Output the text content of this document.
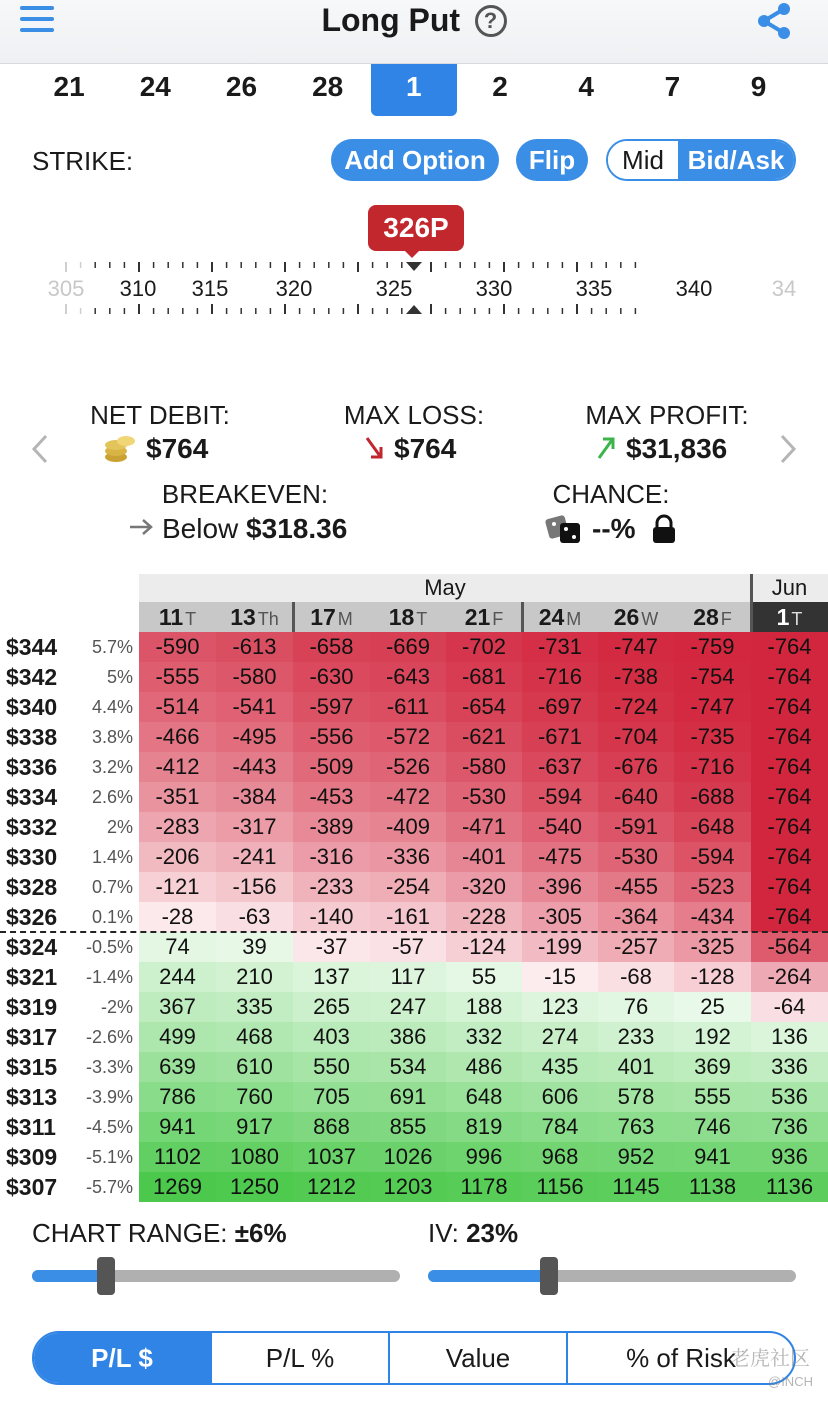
Long Put ?
21	24	26	28	1	2	4	7	9
STRIKE:	Add Option	Flip	Mid Bid/Ask
326P
305 310 315 320	325	330	335	340	34
NET DEBIT:
$764
MAX LOSS:
$764
MAX PROFIT:
$31,836
BREAKEVEN:
Below $318.36
CHANCE:
--%
May	Jun
11 T	13 Th	17 M	18 T	21 F	24 M	26 W	28 F	1 T
$344 5.7%	-590	-613	-658	-669	-702	-731	-747	-759	-764
$342	5%	-555	-580	-630	-643	-681	-716	-738	-754	-764
$340 4.4%	-514	-541	-597	-611	-654	-697	-724	-747	-764
$338 3.8%	-466	-495	-556	-572	-621	-671	-704	-735	-764
$336 3.2%	-412	-443	-509	-526	-580	-637	-676	-716	-764
$334 2.6%	-351	-384	-453	-472	-530	-594	-640	-688	-764
$332	2%	-283	-317	-389	-409	-471	-540	-591	-648	-764
$330 1.4%	-206	-241	-316	-336	-401	-475	-530	-594	-764
$328 0.7%	-121	-156	-233	-254	-320	-396	-455	-523	-764
$326 0.1%	-28	-63	-140	-161	-228	-305	-364	-434	-764
$324 -0.5%	74	39	-37	-57	-124	-199	-257	-325	-564
$321 -1.4%	244	210	137	117	55	-15	-68	-128	-264
$319 -2%	367	335	265	247	188	123	76	25	-64
$317 -2.6%	499	468	403	386	332	274	233	192	136
$315 -3.3%	639	610	550	534	486	435	401	369	336
$313 -3.9%	786	760	705	691	648	606	578	555	536
$311 -4.5%	941	917	868	855	819	784	763	746	736
$309 -5.1% 1102	1080	1037	1026	996	968	952	941	936
$307 -5.7% 1269	1250	1212	1203	1178	1156	1145	1138	1136
CHART RANGE: ±6%	IV: 23%
P/L $	P/L %	Value	% of Risk
老虎社区
@INCH
